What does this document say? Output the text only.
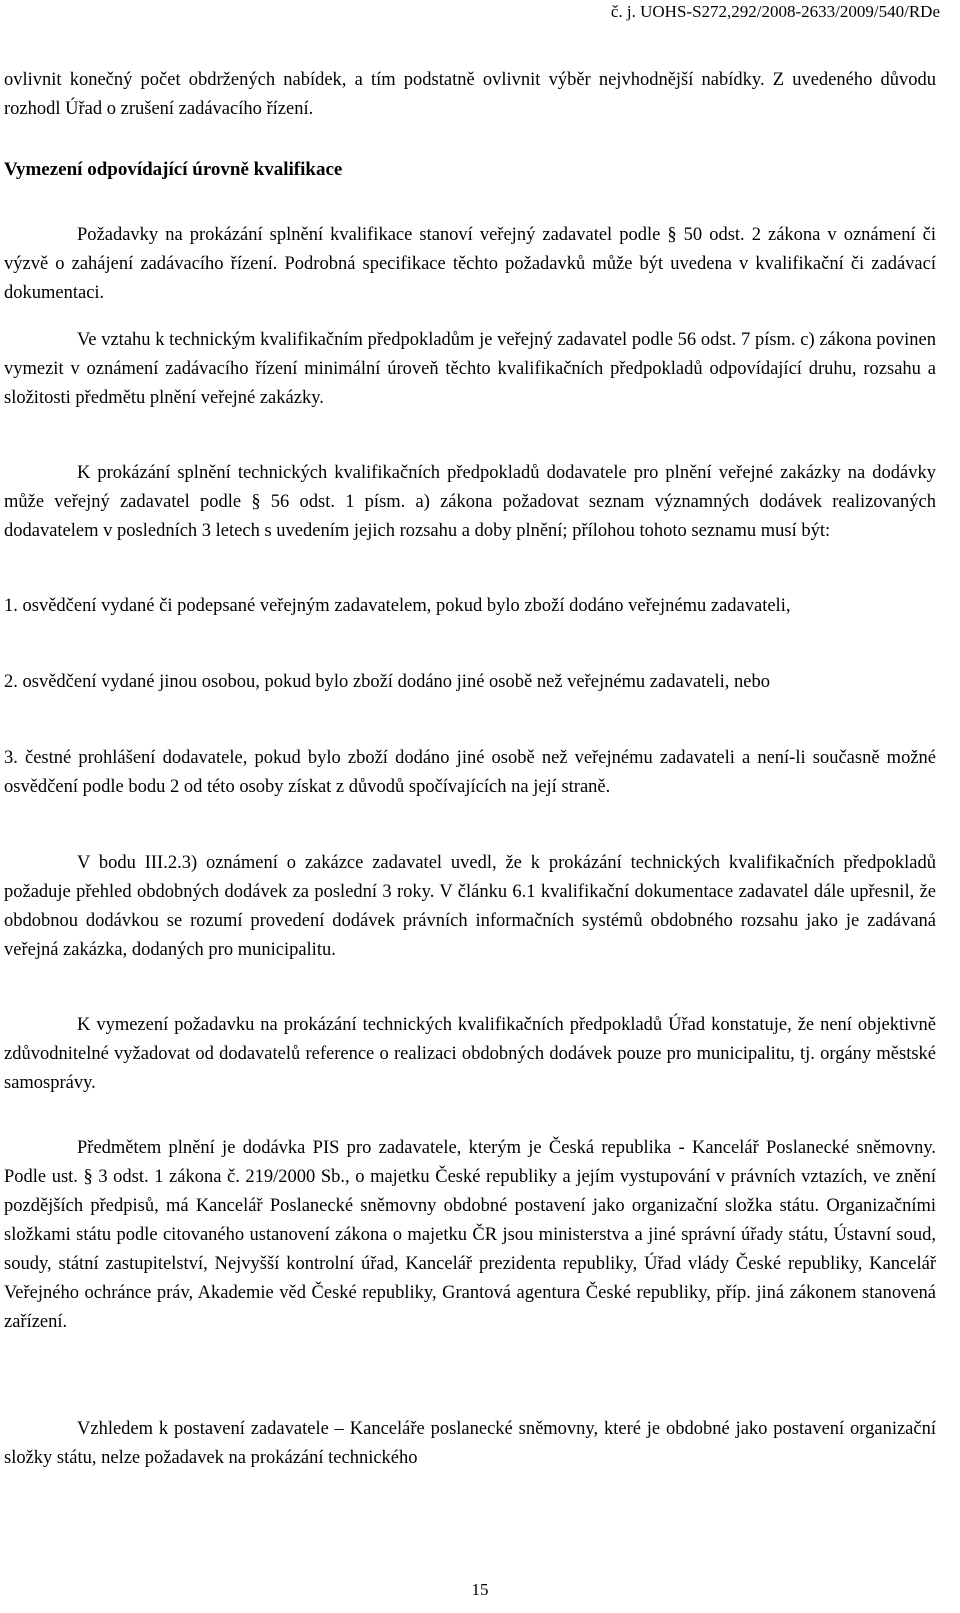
č. j. UOHS-S272,292/2008-2633/2009/540/RDe

ovlivnit konečný počet obdržených nabídek, a tím podstatně ovlivnit výběr nejvhodnější nabídky. Z uvedeného důvodu rozhodl Úřad o zrušení zadávacího řízení.

Vymezení odpovídající úrovně kvalifikace

Požadavky na prokázání splnění kvalifikace stanoví veřejný zadavatel podle § 50 odst. 2 zákona v oznámení či výzvě o zahájení zadávacího řízení. Podrobná specifikace těchto požadavků může být uvedena v kvalifikační či zadávací dokumentaci.

Ve vztahu k technickým kvalifikačním předpokladům je veřejný zadavatel podle 56 odst. 7 písm. c) zákona povinen vymezit v oznámení zadávacího řízení minimální úroveň těchto kvalifikačních předpokladů odpovídající druhu, rozsahu a složitosti předmětu plnění veřejné zakázky.

K prokázání splnění technických kvalifikačních předpokladů dodavatele pro plnění veřejné zakázky na dodávky může veřejný zadavatel podle § 56 odst. 1 písm. a) zákona požadovat seznam významných dodávek realizovaných dodavatelem v posledních 3 letech s uvedením jejich rozsahu a doby plnění; přílohou tohoto seznamu musí být:

1. osvědčení vydané či podepsané veřejným zadavatelem, pokud bylo zboží dodáno veřejnému zadavateli,

2. osvědčení vydané jinou osobou, pokud bylo zboží dodáno jiné osobě než veřejnému zadavateli, nebo

3. čestné prohlášení dodavatele, pokud bylo zboží dodáno jiné osobě než veřejnému zadavateli a není-li současně možné osvědčení podle bodu 2 od této osoby získat z důvodů spočívajících na její straně.

V bodu III.2.3) oznámení o zakázce zadavatel uvedl, že k prokázání technických kvalifikačních předpokladů požaduje přehled obdobných dodávek za poslední 3 roky. V článku 6.1 kvalifikační dokumentace zadavatel dále upřesnil, že obdobnou dodávkou se rozumí provedení dodávek právních informačních systémů obdobného rozsahu jako je zadávaná veřejná zakázka, dodaných pro municipalitu.

K vymezení požadavku na prokázání technických kvalifikačních předpokladů Úřad konstatuje, že není objektivně zdůvodnitelné vyžadovat od dodavatelů reference o realizaci obdobných dodávek pouze pro municipalitu, tj. orgány městské samosprávy.

Předmětem plnění je dodávka PIS pro zadavatele, kterým je Česká republika - Kancelář Poslanecké sněmovny. Podle ust. § 3 odst. 1 zákona č. 219/2000 Sb., o majetku České republiky a jejím vystupování v právních vztazích, ve znění pozdějších předpisů, má Kancelář Poslanecké sněmovny obdobné postavení jako organizační složka státu. Organizačními složkami státu podle citovaného ustanovení zákona o majetku ČR jsou ministerstva a jiné správní úřady státu, Ústavní soud, soudy, státní zastupitelství, Nejvyšší kontrolní úřad, Kancelář prezidenta republiky, Úřad vlády České republiky, Kancelář Veřejného ochránce práv, Akademie věd České republiky, Grantová agentura České republiky, příp. jiná zákonem stanovená zařízení.

Vzhledem k postavení zadavatele – Kanceláře poslanecké sněmovny, které je obdobné jako postavení organizační složky státu, nelze požadavek na prokázání technického

15
